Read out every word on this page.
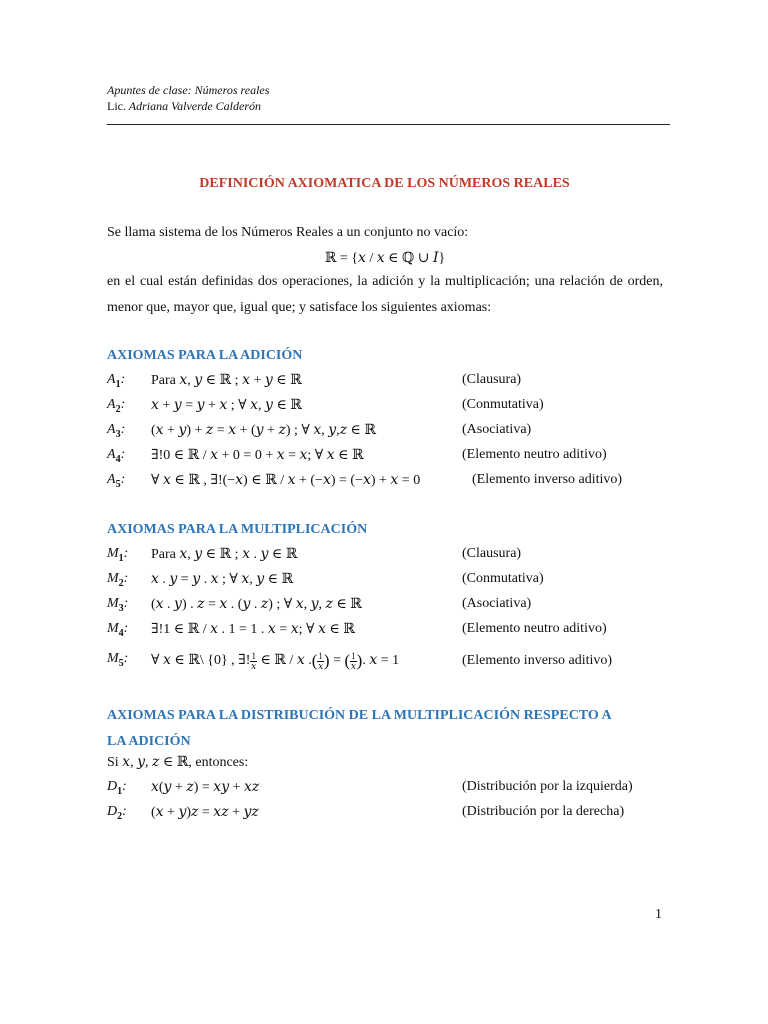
Apuntes de clase: Números reales
Lic. Adriana Valverde Calderón
DEFINICIÓN AXIOMATICA DE LOS NÚMEROS REALES
Se llama sistema de los Números Reales a un conjunto no vacío:
ℝ = {𝑥 / 𝑥 ∈ ℚ ∪ 𝐼}
en el cual están definidas dos operaciones, la adición y la multiplicación; una relación de orden, menor que, mayor que, igual que; y satisface los siguientes axiomas:
AXIOMAS PARA LA ADICIÓN
$A_1$: Para 𝑥, 𝑦 ∈ ℝ ; 𝑥 + 𝑦 ∈ ℝ	(Clausura)
$A_2$: 𝑥 + 𝑦 = 𝑦 + 𝑥 ; ∀ 𝑥, 𝑦 ∈ ℝ	(Conmutativa)
$A_3$: (𝑥 + 𝑦) + 𝑧 = 𝑥 + (𝑦 + 𝑧) ; ∀ 𝑥, 𝑦,𝑧 ∈ ℝ	(Asociativa)
$A_4$: ∃!0 ∈ ℝ / 𝑥 + 0 = 0 + 𝑥 = 𝑥; ∀ 𝑥 ∈ ℝ	(Elemento neutro aditivo)
$A_5$: ∀ 𝑥 ∈ ℝ , ∃!(−𝑥) ∈ ℝ / 𝑥 + (−𝑥) = (−𝑥) + 𝑥 = 0	(Elemento inverso aditivo)
AXIOMAS PARA LA MULTIPLICACIÓN
$M_1$: Para 𝑥, 𝑦 ∈ ℝ ; 𝑥 . 𝑦 ∈ ℝ	(Clausura)
$M_2$: 𝑥 . 𝑦 = 𝑦 . 𝑥 ; ∀ 𝑥, 𝑦 ∈ ℝ	(Conmutativa)
$M_3$: (𝑥 . 𝑦) . 𝑧 = 𝑥 . (𝑦 . 𝑧) ; ∀ 𝑥, 𝑦, 𝑧 ∈ ℝ	(Asociativa)
$M_4$: ∃!1 ∈ ℝ / 𝑥 . 1 = 1 . 𝑥 = 𝑥; ∀ 𝑥 ∈ ℝ	(Elemento neutro aditivo)
$M_5$: ∀ 𝑥 ∈ ℝ\ {0} , ∃! $\frac{1}{\text{𝑥}}$ ∈ ℝ / 𝑥 .( $\frac{1}{\text{𝑥}}$ ) = ( $\frac{1}{\text{𝑥}}$ ). 𝑥 = 1	(Elemento inverso aditivo)
AXIOMAS PARA LA DISTRIBUCIÓN DE LA MULTIPLICACIÓN RESPECTO A
LA ADICIÓN
Si 𝑥, 𝑦, 𝑧 ∈ ℝ, entonces:
$D_1$: 𝑥(𝑦 + 𝑧) = 𝑥𝑦 + 𝑥𝑧	(Distribución por la izquierda)
$D_2$: (𝑥 + 𝑦)𝑧 = 𝑥𝑧 + 𝑦𝑧	(Distribución por la derecha)
1
